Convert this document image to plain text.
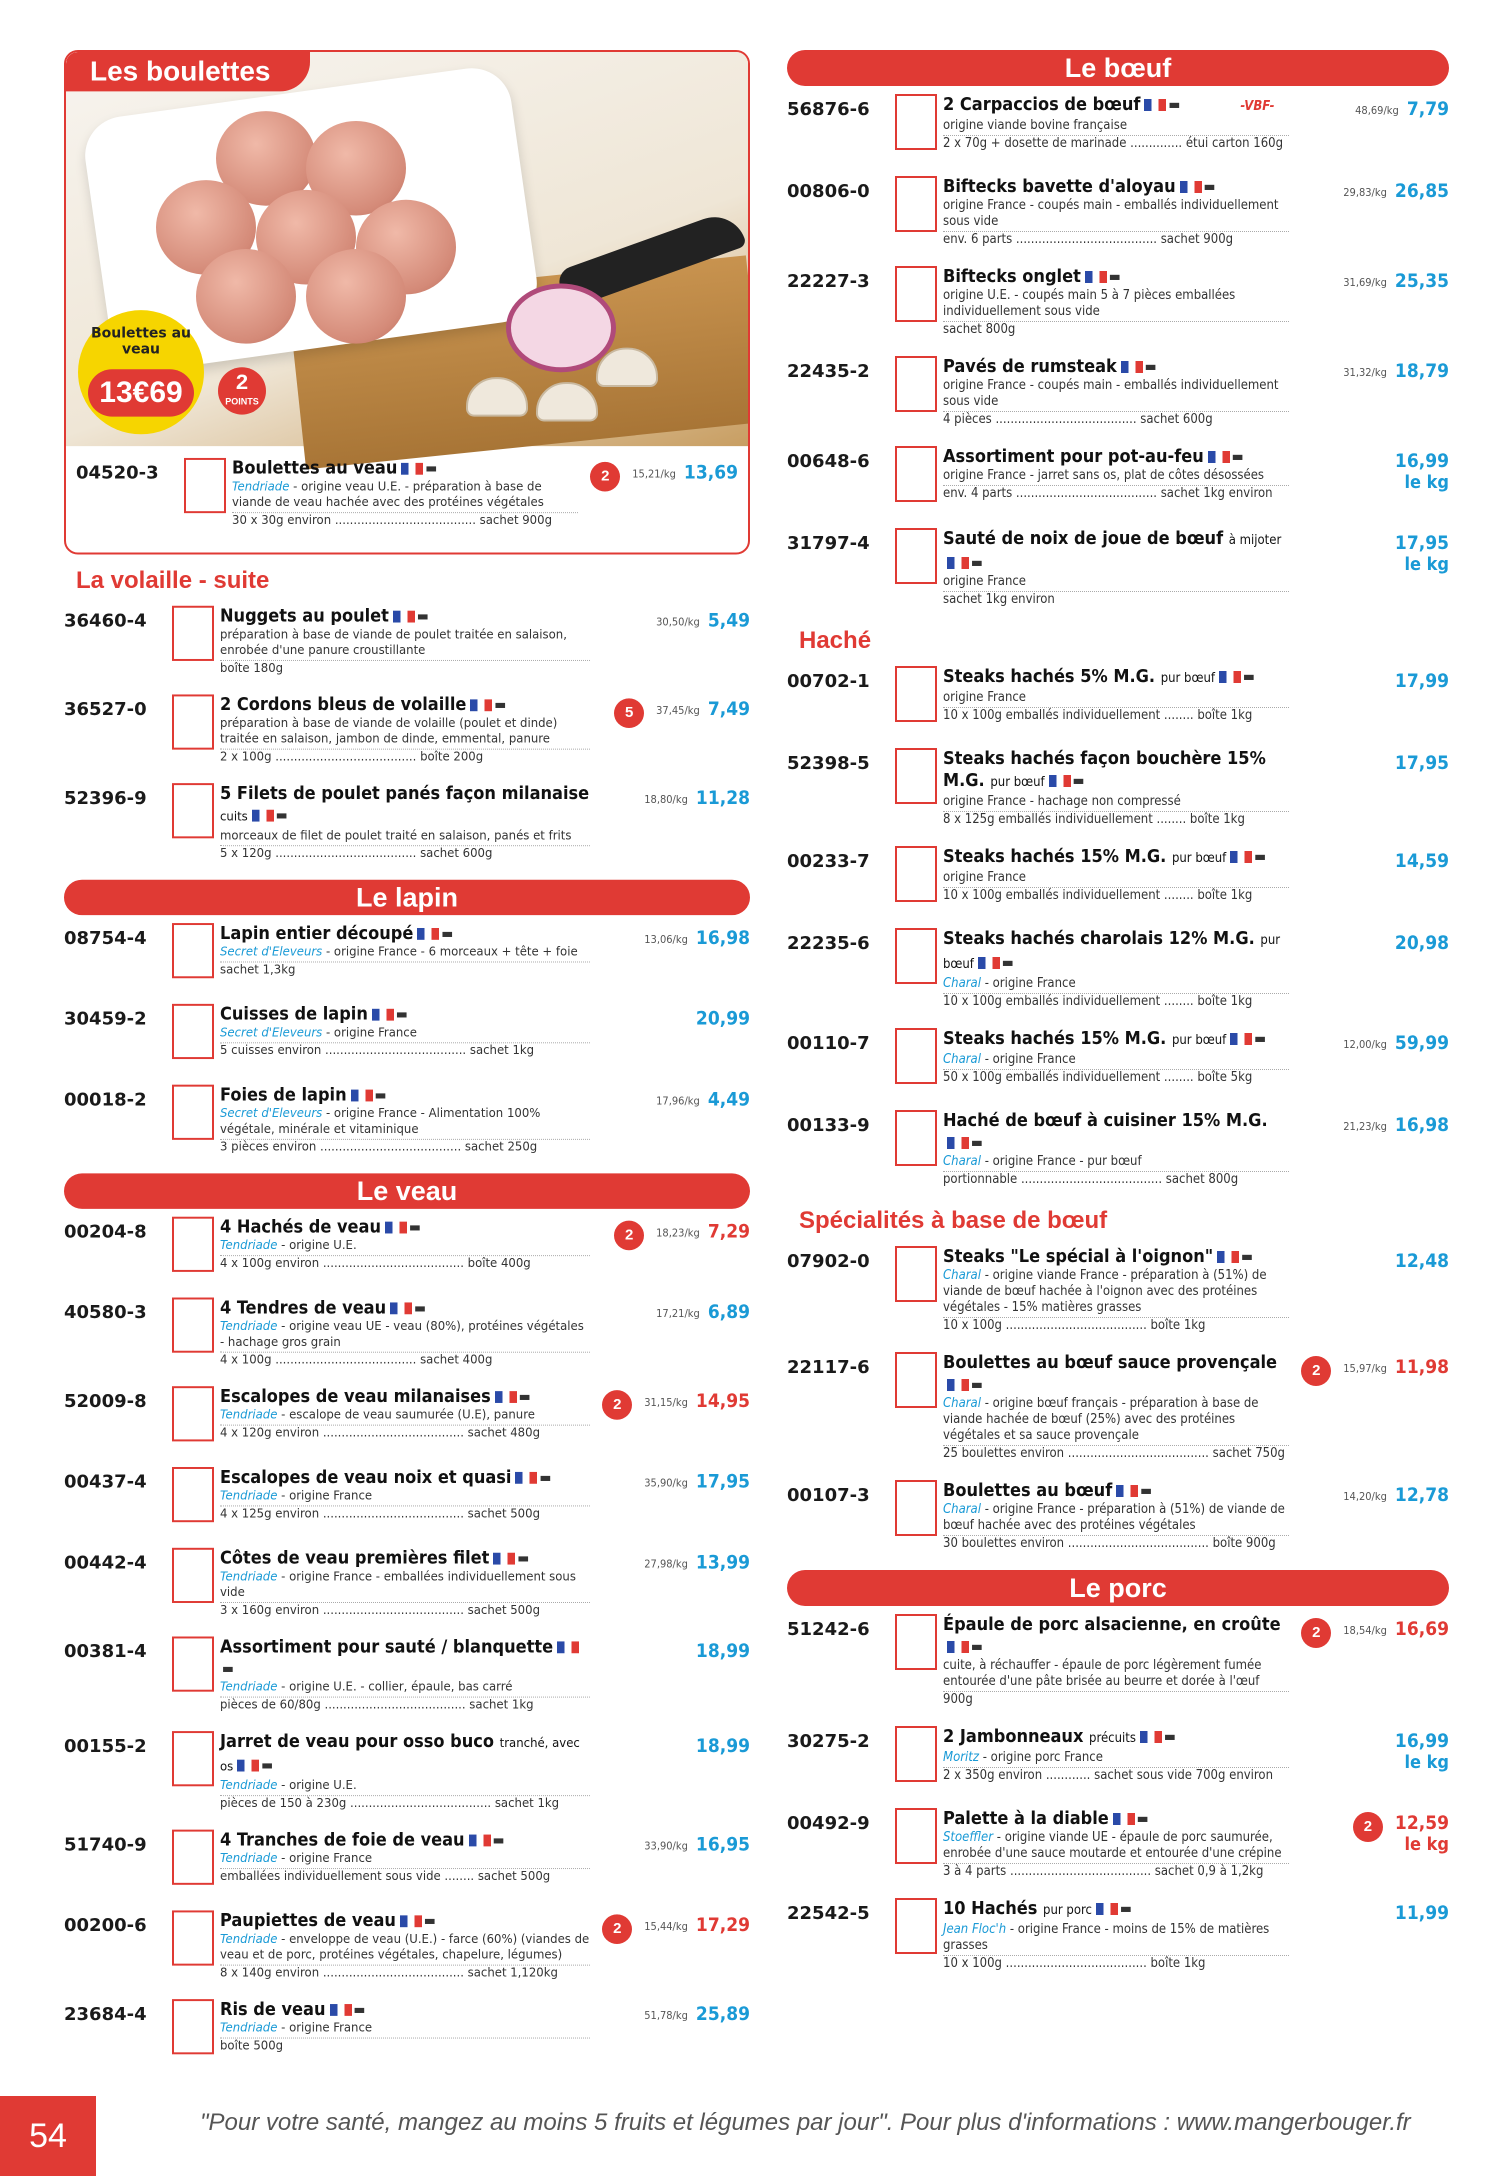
Les boulettes
Boulettes au veau
13€69	2
POINTS
04520-3	Boulettes au veau ▬
Tendriade - origine veau U.E. - préparation à base de viande de veau hachée avec des protéines végétales
30 x 30g environ ...................................... sachet 900g
2	15,21/kg 13,69
La volaille - suite
36460-4	Nuggets au poulet ▬
préparation à base de viande de poulet traitée en salaison, enrobée d'une panure croustillante
boîte 180g
30,50/kg 5,49
36527-0	2 Cordons bleus de volaille ▬
préparation à base de viande de volaille (poulet et dinde) traitée en salaison, jambon de dinde, emmental, panure
2 x 100g ...................................... boîte 200g
5	37,45/kg 7,49
52396-9	5 Filets de poulet panés façon milanaise cuits ▬
morceaux de filet de poulet traité en salaison, panés et frits
5 x 120g ...................................... sachet 600g
18,80/kg 11,28
Le lapin
08754-4	Lapin entier découpé ▬
Secret d'Eleveurs - origine France - 6 morceaux + tête + foie
sachet 1,3kg
13,06/kg 16,98
30459-2	Cuisses de lapin ▬
Secret d'Eleveurs - origine France
5 cuisses environ ...................................... sachet 1kg
20,99
00018-2	Foies de lapin ▬
Secret d'Eleveurs - origine France - Alimentation 100% végétale, minérale et vitaminique
3 pièces environ ...................................... sachet 250g
17,96/kg 4,49
Le veau
00204-8	4 Hachés de veau ▬
Tendriade - origine U.E.
4 x 100g environ ...................................... boîte 400g
2	18,23/kg 7,29
40580-3	4 Tendres de veau ▬
Tendriade - origine veau UE - veau (80%), protéines végétales - hachage gros grain
4 x 100g ...................................... sachet 400g
17,21/kg 6,89
52009-8	Escalopes de veau milanaises ▬
Tendriade - escalope de veau saumurée (U.E), panure
4 x 120g environ ...................................... sachet 480g
2	31,15/kg 14,95
00437-4	Escalopes de veau noix et quasi ▬
Tendriade - origine France
4 x 125g environ ...................................... sachet 500g
35,90/kg 17,95
00442-4	Côtes de veau premières filet ▬
Tendriade - origine France - emballées individuellement sous vide
3 x 160g environ ...................................... sachet 500g
27,98/kg 13,99
00381-4	Assortiment pour sauté / blanquette▬
Tendriade - origine U.E. - collier, épaule, bas carré
pièces de 60/80g ...................................... sachet 1kg
18,99
00155-2	Jarret de veau pour osso buco tranché, avec os ▬
Tendriade - origine U.E.
pièces de 150 à 230g ...................................... sachet 1kg
18,99
51740-9	4 Tranches de foie de veau ▬
Tendriade - origine France
emballées individuellement sous vide ........ sachet 500g
33,90/kg 16,95
00200-6	Paupiettes de veau ▬
Tendriade - enveloppe de veau (U.E.) - farce (60%) (viandes de veau et de porc, protéines végétales, chapelure, légumes)
8 x 140g environ ...................................... sachet 1,120kg
2	15,44/kg 17,29
23684-4	Ris de veau ▬
Tendriade - origine France
boîte 500g
51,78/kg 25,89
Le bœuf
56876-6	2 Carpaccios de bœuf ▬	-VBF-
origine viande bovine française
2 x 70g + dosette de marinade .............. étui carton 160g
48,69/kg 7,79
00806-0	Biftecks bavette d'aloyau ▬
origine France - coupés main - emballés individuellement sous vide
env. 6 parts ...................................... sachet 900g
29,83/kg 26,85
22227-3	Biftecks onglet ▬
origine U.E. - coupés main 5 à 7 pièces emballées individuellement sous vide
sachet 800g
31,69/kg 25,35
22435-2	Pavés de rumsteak ▬
origine France - coupés main - emballés individuellement sous vide
4 pièces ...................................... sachet 600g
31,32/kg 18,79
00648-6	Assortiment pour pot-au-feu ▬
origine France - jarret sans os, plat de côtes désossées
env. 4 parts ...................................... sachet 1kg environ
16,99
le kg
31797-4	Sauté de noix de joue de bœuf à mijoter▬
origine France
sachet 1kg environ
17,95
le kg
Haché
00702-1	Steaks hachés 5% M.G. pur bœuf ▬
origine France
10 x 100g emballés individuellement ........ boîte 1kg
17,99
52398-5	Steaks hachés façon bouchère 15% M.G. pur bœuf ▬
origine France - hachage non compressé
8 x 125g emballés individuellement ........ boîte 1kg
17,95
00233-7	Steaks hachés 15% M.G. pur bœuf ▬
origine France
10 x 100g emballés individuellement ........ boîte 1kg
14,59
22235-6	Steaks hachés charolais 12% M.G. pur bœuf ▬
Charal - origine France
10 x 100g emballés individuellement ........ boîte 1kg
20,98
00110-7	Steaks hachés 15% M.G. pur bœuf ▬
Charal - origine France
50 x 100g emballés individuellement ........ boîte 5kg
12,00/kg 59,99
00133-9	Haché de bœuf à cuisiner 15% M.G.▬
Charal - origine France - pur bœuf
portionnable ...................................... sachet 800g
21,23/kg 16,98
Spécialités à base de bœuf
07902-0	Steaks "Le spécial à l'oignon" ▬
Charal - origine viande France - préparation à (51%) de viande de bœuf hachée à l'oignon avec des protéines végétales - 15% matières grasses
10 x 100g ...................................... boîte 1kg
12,48
22117-6	Boulettes au bœuf sauce provençale▬
Charal - origine bœuf français - préparation à base de viande hachée de bœuf (25%) avec des protéines végétales et sa sauce provençale
25 boulettes environ ...................................... sachet 750g
2	15,97/kg 11,98
00107-3	Boulettes au bœuf ▬
Charal - origine France - préparation à (51%) de viande de bœuf hachée avec des protéines végétales
30 boulettes environ ...................................... boîte 900g
14,20/kg 12,78
Le porc
51242-6	Épaule de porc alsacienne, en croûte▬
cuite, à réchauffer - épaule de porc légèrement fumée entourée d'une pâte brisée au beurre et dorée à l'œuf
900g
2	18,54/kg 16,69
30275-2	2 Jambonneaux précuits ▬
Moritz - origine porc France
2 x 350g environ ............ sachet sous vide 700g environ
16,99
le kg
00492-9	Palette à la diable ▬
Stoeffler - origine viande UE - épaule de porc saumurée, enrobée d'une sauce moutarde et entourée d'une crépine
3 à 4 parts ...................................... sachet 0,9 à 1,2kg
2	12,59
le kg
22542-5	10 Hachés pur porc ▬
Jean Floc'h - origine France - moins de 15% de matières grasses
10 x 100g ...................................... boîte 1kg
11,99
54	"Pour votre santé, mangez au moins 5 fruits et légumes par jour". Pour plus d'informations : www.mangerbouger.fr
